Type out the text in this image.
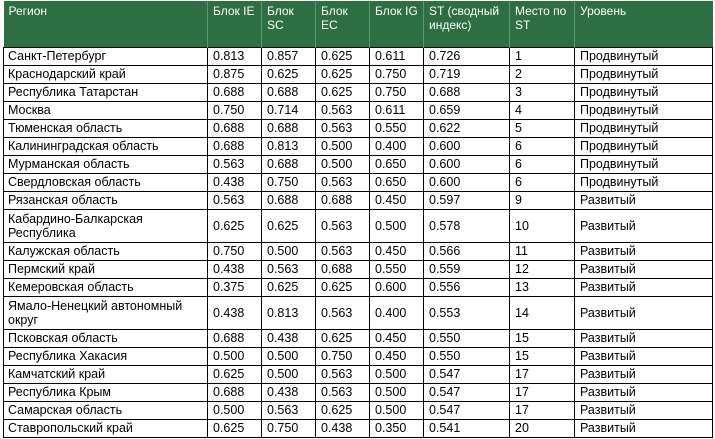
Регион	Блок IE	Блок SC	Блок EC	Блок IG	ST (сводный индекс)	Место по ST	Уровень
Санкт-Петербург	0.813	0.857	0.625	0.611	0.726	1	Продвинутый
Краснодарский край	0.875	0.625	0.625	0.750	0.719	2	Продвинутый
Республика Татарстан	0.688	0.688	0.625	0.750	0.688	3	Продвинутый
Москва	0.750	0.714	0.563	0.611	0.659	4	Продвинутый
Тюменская область	0.688	0.688	0.563	0.550	0.622	5	Продвинутый
Калининградская область	0.688	0.813	0.500	0.400	0.600	6	Продвинутый
Мурманская область	0.563	0.688	0.500	0.650	0.600	6	Продвинутый
Свердловская область	0.438	0.750	0.563	0.650	0.600	6	Продвинутый
Рязанская область	0.563	0.688	0.688	0.450	0.597	9	Развитый
Кабардино-Балкарская Республика	0.625	0.625	0.563	0.500	0.578	10	Развитый
Калужская область	0.750	0.500	0.563	0.450	0.566	11	Развитый
Пермский край	0.438	0.563	0.688	0.550	0.559	12	Развитый
Кемеровская область	0.375	0.625	0.625	0.600	0.556	13	Развитый
Ямало-Ненецкий автономный округ	0.438	0.813	0.563	0.400	0.553	14	Развитый
Псковская область	0.688	0.438	0.625	0.450	0.550	15	Развитый
Республика Хакасия	0.500	0.500	0.750	0.450	0.550	15	Развитый
Камчатский край	0.625	0.500	0.563	0.500	0.547	17	Развитый
Республика Крым	0.688	0.438	0.563	0.500	0.547	17	Развитый
Самарская область	0.500	0.563	0.625	0.500	0.547	17	Развитый
Ставропольский край	0.625	0.750	0.438	0.350	0.541	20	Развитый
